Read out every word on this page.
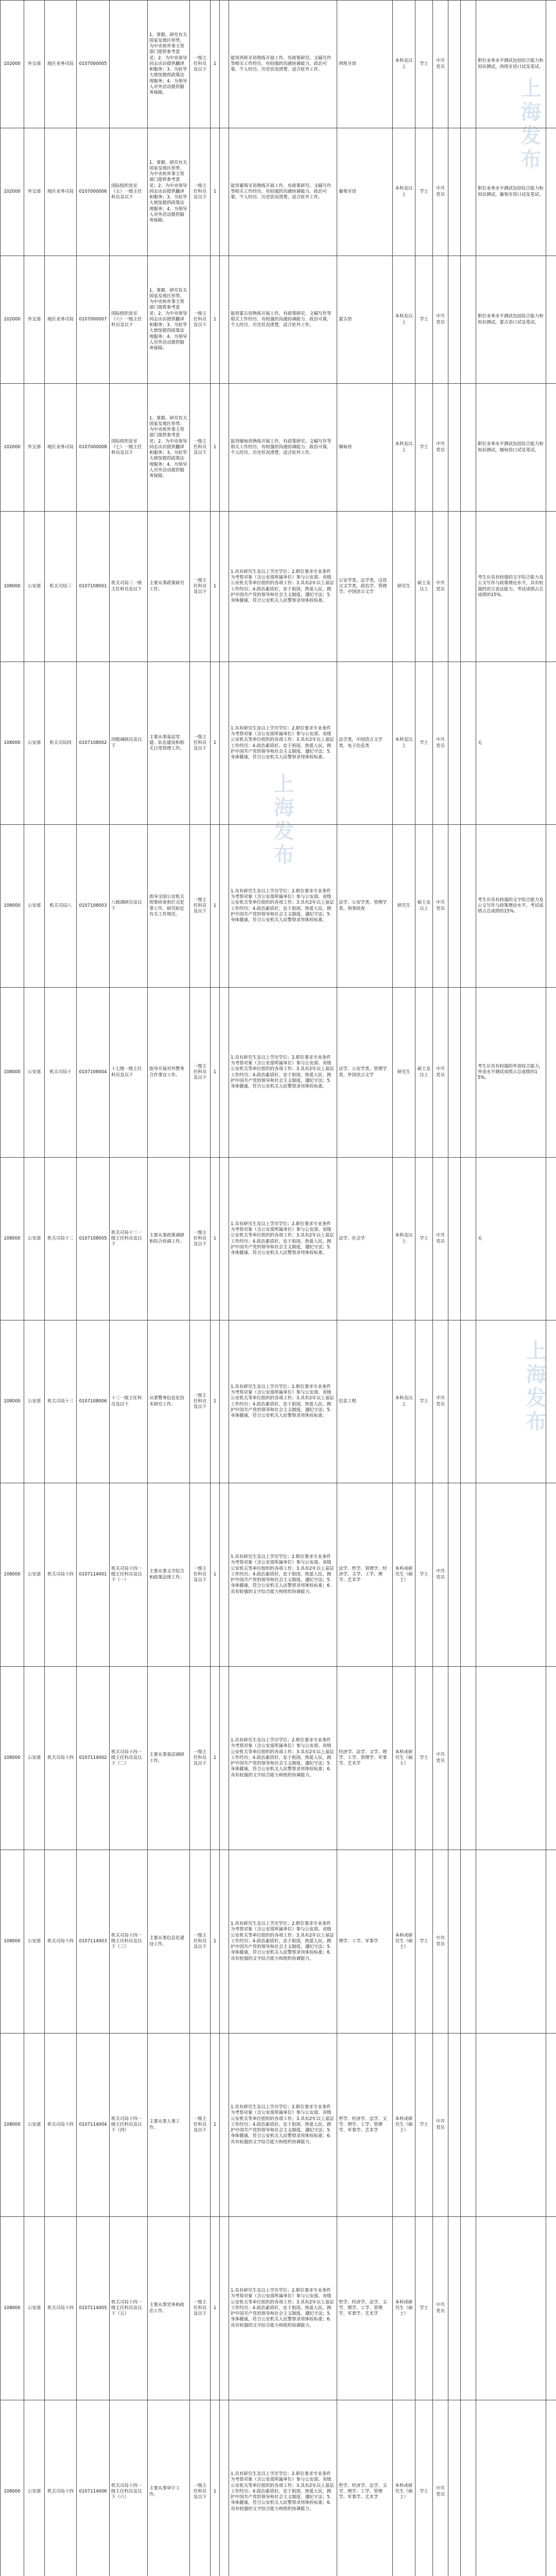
102000	外交部	地区业务司局	0107000005		1、掌握、研究有关国家及地区形势，为中央和外事主管部门提供参考意见；2、为中央领导同志出访提供翻译和服务；3、为驻华大使馆提供政策法规服务；4、为领导人对外活动提供服务保障。	一级主任科员及以下	1		能用西班牙语熟练开展工作，有政策研究、文稿写作等相关工作经历，有较强的沟通协调能力、政治可靠，个人经历、历史状况清楚，适合驻外工作。	西班牙语	本科及以上	学士	中共党员			职位业务水平测试包括综合能力和知识测试，西班牙语口试及笔试。	
102000	外交部	地区业务司局	0107000006	国际组织处室（五）一级主任科员及以下	1、掌握、研究有关国家及地区形势，为中央和外事主管部门提供参考意见；2、为中央领导同志出访提供翻译和服务；3、为驻华大使馆提供政策法规服务；4、为领导人对外活动提供服务保障。	一级主任科员及以下	1		能用葡萄牙语熟练开展工作，有政策研究、文稿写作等相关工作经历，有较强的沟通协调能力、政治可靠，个人经历、历史状况清楚，适合驻外工作。	葡萄牙语	本科及以上	学士	中共党员			职位业务水平测试包括综合能力和知识测试，葡萄牙语口试及笔试。	
102000	外交部	地区业务司局	0107000007	国际组织处室（六）一级主任科员及以下	1、掌握、研究有关国家及地区形势，为中央和外事主管部门提供参考意见；2、为中央领导同志出访提供翻译和服务；3、为驻华大使馆提供政策法规服务；4、为领导人对外活动提供服务保障。	一级主任科员及以下	1		能用蒙古语熟练开展工作，有政策研究、文稿写作等相关工作经历，有较强的沟通协调能力、政治可靠，个人经历、历史状况清楚，适合驻外工作。	蒙古语	本科及以上	学士	中共党员			职位业务水平测试包括综合能力和知识测试，蒙古语口试及笔试。	
102000	外交部	地区业务司局	0107000008	国际组织处室（七）一级主任科员及以下	1、掌握、研究有关国家及地区形势，为中央和外事主管部门提供参考意见；2、为中央领导同志出访提供翻译和服务；3、为驻华大使馆提供政策法规服务；4、为领导人对外活动提供服务保障。	一级主任科员及以下	1		能用缅甸语熟练开展工作，有政策研究、文稿写作等相关工作经历，有较强的沟通协调能力、政治可靠，个人经历、历史状况清楚，适合驻外工作。	缅甸语	本科及以上	学士	中共党员			职位业务水平测试包括综合能力和知识测试，缅甸语口试及笔试。	
108000	公安部	机关司局三	0107108001	机关司局三一级主任科员及以下	主要从事政策研究工作。	一级主任科员及以下	1		1.具有研究生及以上学历学位；2.职位要求专业条件为考察对象（含公安部所属单位）参与公安部、省级公安机关等单位组织的各项工作；3.具有2年以上基层工作经历；4.政治素质好，忠于祖国，热爱人民，拥护中国共产党的领导和社会主义制度，遵纪守法；5.身体健康，符合公安机关人民警察录用体检标准。	公安学类，法学类，汉语言文学类，政治学、管理学、中国语言文学	研究生	硕士及以上	中共党员			考生应具有较强的文字综合能力及公文写作与政策理论水平，具有较强的语言表达能力，考试成绩占总成绩的15%。	
108000	公安部	机关司局四	0107108002	四级调研员及以下	主要从事基层党建、队伍建设和相关日常管理工作。	一级主任科员及以下	1		1.具有研究生及以上学历学位；2.职位要求专业条件为考察对象（含公安部所属单位）参与公安部、省级公安机关等单位组织的各项工作；3.具有2年以上基层工作经历；4.政治素质好，忠于祖国，热爱人民，拥护中国共产党的领导和社会主义制度，遵纪守法；5.身体健康，符合公安机关人民警察录用体检标准。	法学类，中国语言文学类，电子信息类	本科及以上	学士	中共党员			无	
108000	公安部	机关司局八	0107108003	八级调研员及以下	指导全国公安机关刑事侦查和打击犯罪工作，研究拟定有关工作规范。	一级主任科员及以下	1		1.具有研究生及以上学历学位；2.职位要求专业条件为考察对象（含公安部所属单位）参与公安部、省级公安机关等单位组织的各项工作；3.具有2年以上基层工作经历；4.政治素质好，忠于祖国，热爱人民，拥护中国共产党的领导和社会主义制度，遵纪守法；5.身体健康，符合公安机关人民警察录用体检标准。	法学、公安学类、管理学类、刑事侦查	研究生	硕士及以上	中共党员			考生应具有较强的文字综合能力及公文写作与政策理论水平，考试成绩占总成绩的15%。	
108000	公安部	机关司局十	0107108004	十七级一级主任科员及以下	指导开展对外警务合作事宜工作。	一级主任科员及以下	1		1.具有研究生及以上学历学位；2.职位要求专业条件为考察对象（含公安部所属单位）参与公安部、省级公安机关等单位组织的各项工作；3.具有2年以上基层工作经历；4.政治素质好，忠于祖国，热爱人民，拥护中国共产党的领导和社会主义制度，遵纪守法；5.身体健康，符合公安机关人民警察录用体检标准。	法学、公安学类、管理学类、外国语言文学	研究生	硕士及以上	中共党员			考生应具有较强的外语综合能力，外语水平测试成绩占总成绩的15%。	
108000	公安部	机关司局十二	0107108005	机关司局十二一级主任科员及以下	主要从事政策调研和综合协调工作。	一级主任科员及以下	1		1.具有研究生及以上学历学位；2.职位要求专业条件为考察对象（含公安部所属单位）参与公安部、省级公安机关等单位组织的各项工作；3.具有2年以上基层工作经历；4.政治素质好，忠于祖国，热爱人民，拥护中国共产党的领导和社会主义制度，遵纪守法；5.身体健康，符合公安机关人民警察录用体检标准。	法学、社会学	本科及以上	学士	中共党员			无	
108000	公安部	机关司局十三	0107108006	十三一级主任科员及以下	从事警务信息化技术研究工作。	一级主任科员及以下	1		1.具有研究生及以上学历学位；2.职位要求专业条件为考察对象（含公安部所属单位）参与公安部、省级公安机关等单位组织的各项工作；3.具有2年以上基层工作经历；4.政治素质好，忠于祖国，热爱人民，拥护中国共产党的领导和社会主义制度，遵纪守法；5.身体健康，符合公安机关人民警察录用体检标准。	信息工程	本科及以上	学士	中共党员				
108000	公安部	机关司局十四	0107114001	机关司局十四一级主任科员及以下（一）	主要从事文字综合和政策法规工作。	一级主任科员及以下	1		1.具有研究生及以上学历学位；2.职位要求专业条件为考察对象（含公安部所属单位）参与公安部、省级公安机关等单位组织的各项工作；3.具有2年以上基层工作经历；4.政治素质好，忠于祖国，热爱人民，拥护中国共产党的领导和社会主义制度，遵纪守法；5.身体健康，符合公安机关人民警察录用体检标准；6.具有较强的文字综合能力和组织协调能力。	法学、哲学、管理学、经济学、文学、工学、理学、艺术学	本科或研究生（硕士）	学士	中共党员				
108000	公安部	机关司局十四	0107114002	机关司局十四一级主任科员及以下（二）	主要从事基层调研工作。	一级主任科员及以下	1		1.具有研究生及以上学历学位；2.职位要求专业条件为考察对象（含公安部所属单位）参与公安部、省级公安机关等单位组织的各项工作；3.具有2年以上基层工作经历；4.政治素质好，忠于祖国，热爱人民，拥护中国共产党的领导和社会主义制度，遵纪守法；5.身体健康，符合公安机关人民警察录用体检标准；6.具有较强的文字综合能力和组织协调能力。	经济学、法学、文学、理学、工学、管理学、军事学、艺术学	本科或研究生（硕士）	学士	中共党员				
108000	公安部	机关司局十四	0107114003	机关司局十四一级主任科员及以下（三）	主要从事信息化建设工作。	一级主任科员及以下	1		1.具有研究生及以上学历学位；2.职位要求专业条件为考察对象（含公安部所属单位）参与公安部、省级公安机关等单位组织的各项工作；3.具有2年以上基层工作经历；4.政治素质好，忠于祖国，热爱人民，拥护中国共产党的领导和社会主义制度，遵纪守法；5.身体健康，符合公安机关人民警察录用体检标准；6.具有较强的文字综合能力和组织协调能力。	理学、工学、军事学	本科或研究生（硕士）	学士	中共党员				
108000	公安部	机关司局十四	0107114004	机关司局十四一级主任科员及以下（四）	主要从事人事工作。	一级主任科员及以下	1		1.具有研究生及以上学历学位；2.职位要求专业条件为考察对象（含公安部所属单位）参与公安部、省级公安机关等单位组织的各项工作；3.具有2年以上基层工作经历；4.政治素质好，忠于祖国，热爱人民，拥护中国共产党的领导和社会主义制度，遵纪守法；5.身体健康，符合公安机关人民警察录用体检标准；6.具有较强的文字综合能力和组织协调能力。	哲学、经济学、法学、文学、理学、工学、管理学、军事学、艺术学	本科或研究生（硕士）	学士	中共党员				
108000	公安部	机关司局十四	0107114005	机关司局十四一级主任科员及以下（五）	主要从事党务和政治工作。	一级主任科员及以下	1		1.具有研究生及以上学历学位；2.职位要求专业条件为考察对象（含公安部所属单位）参与公安部、省级公安机关等单位组织的各项工作；3.具有2年以上基层工作经历；4.政治素质好，忠于祖国，热爱人民，拥护中国共产党的领导和社会主义制度，遵纪守法；5.身体健康，符合公安机关人民警察录用体检标准；6.具有较强的文字综合能力和组织协调能力。	哲学、经济学、法学、文学、理学、工学、管理学、军事学、艺术学	本科或研究生（硕士）	学士	中共党员				
108000	公安部	机关司局十四	0107114006	机关司局十四一级主任科员及以下（六）	主要从事审计工作。	一级主任科员及以下	1		1.具有研究生及以上学历学位；2.职位要求专业条件为考察对象（含公安部所属单位）参与公安部、省级公安机关等单位组织的各项工作；3.具有2年以上基层工作经历；4.政治素质好，忠于祖国，热爱人民，拥护中国共产党的领导和社会主义制度，遵纪守法；5.身体健康，符合公安机关人民警察录用体检标准；6.具有较强的文字综合能力和组织协调能力。	哲学、经济学、法学、文学、理学、工学、管理学、军事学、艺术学	本科或研究生（硕士）	学士	中共党员				
上海发布
上海发布
上海发布
